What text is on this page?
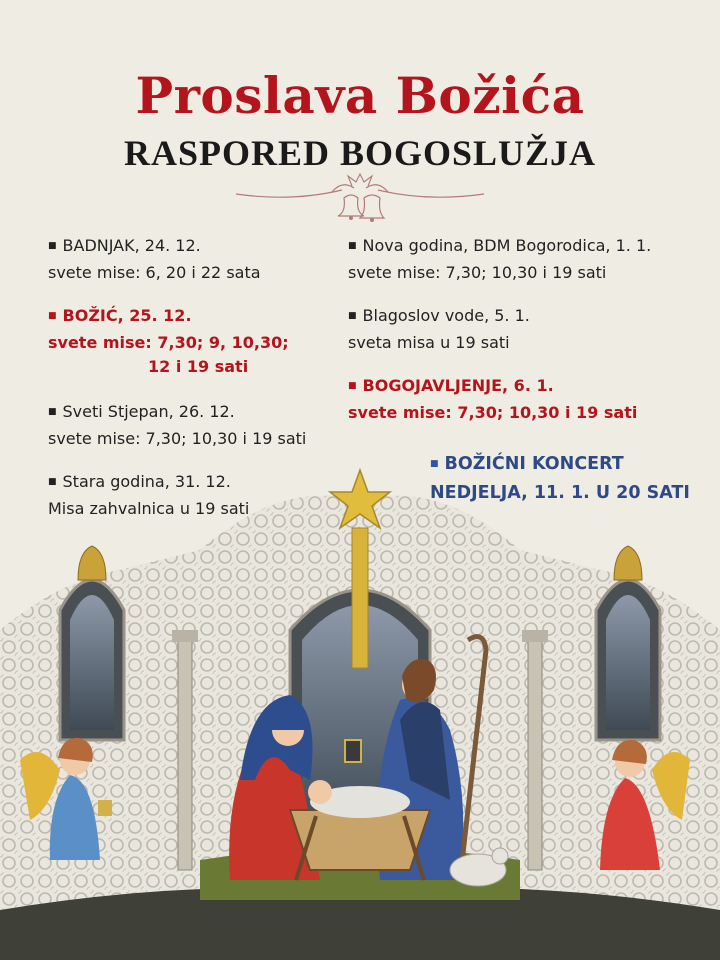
Proslava Božića
RASPORED BOGOSLUŽJA
■ BADNJAK, 24. 12.
svete mise: 6, 20 i 22 sata
■ BOŽIĆ, 25. 12.
svete mise: 7,30; 9, 10,30;
12 i 19 sati
■ Sveti Stjepan, 26. 12.
svete mise: 7,30; 10,30 i 19 sati
■ Stara godina, 31. 12.
Misa zahvalnica u 19 sati
■ Nova godina, BDM Bogorodica, 1. 1.
svete mise: 7,30; 10,30 i 19 sati
■ Blagoslov vode, 5. 1.
sveta misa u 19 sati
■ BOGOJAVLJENJE, 6. 1.
svete mise: 7,30; 10,30 i 19 sati
■ BOŽIĆNI KONCERT
NEDJELJA, 11. 1. U 20 SATI
